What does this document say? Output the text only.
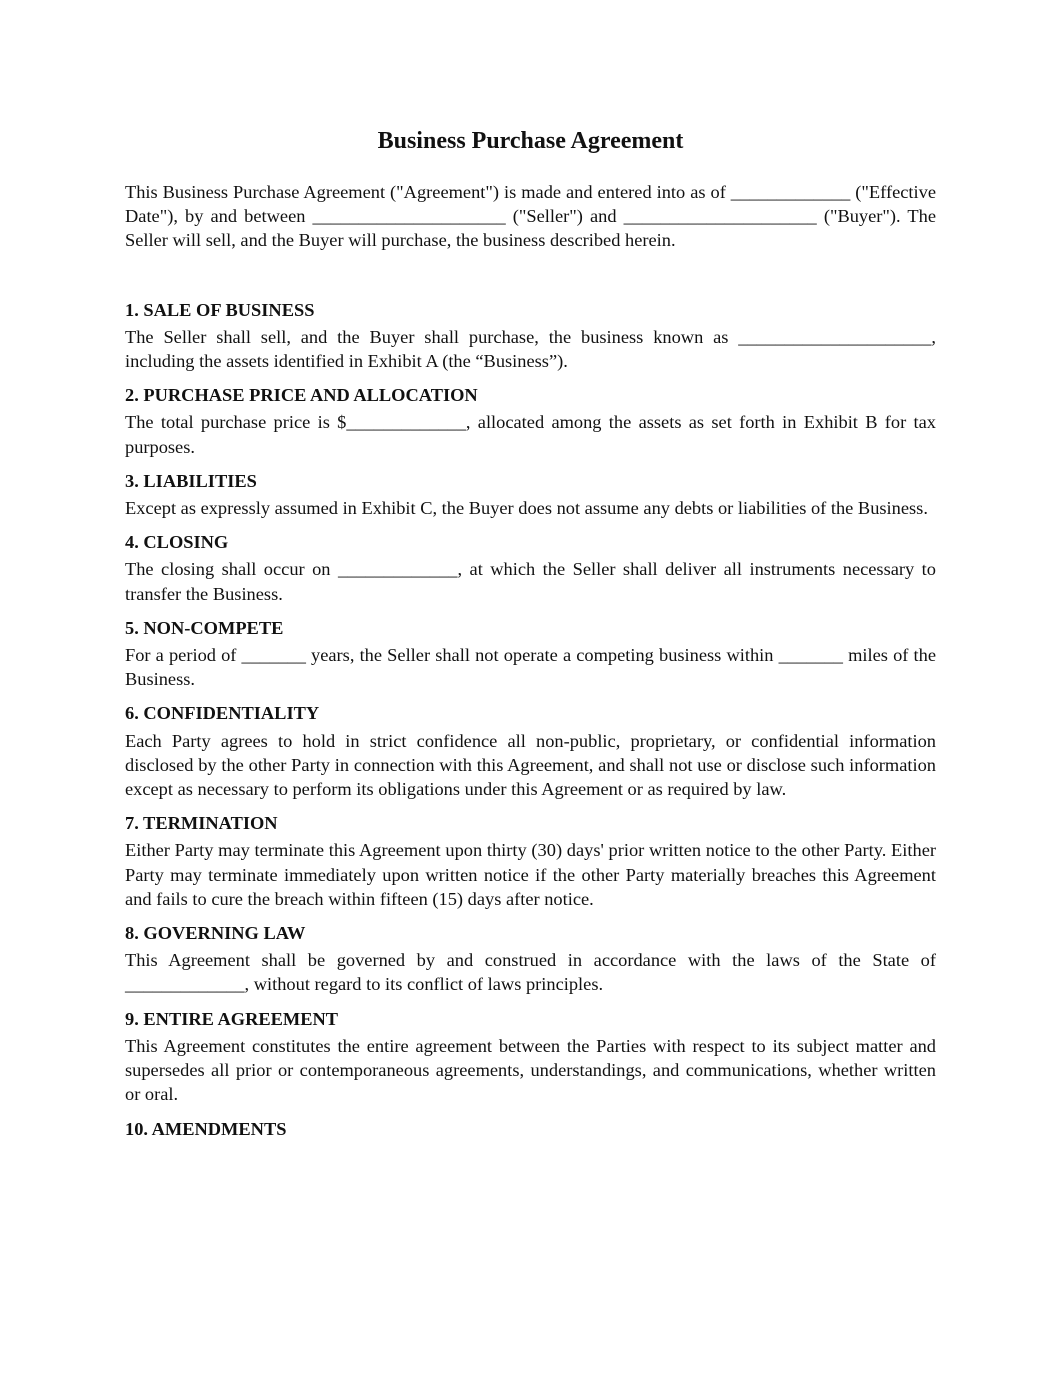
Business Purchase Agreement

This Business Purchase Agreement ("Agreement") is made and entered into as of _____________ ("Effective Date"), by and between _____________________ ("Seller") and _____________________ ("Buyer"). The Seller will sell, and the Buyer will purchase, the business described herein.

1. SALE OF BUSINESS

The Seller shall sell, and the Buyer shall purchase, the business known as _____________________, including the assets identified in Exhibit A (the “Business”).

2. PURCHASE PRICE AND ALLOCATION

The total purchase price is $_____________, allocated among the assets as set forth in Exhibit B for tax purposes.

3. LIABILITIES

Except as expressly assumed in Exhibit C, the Buyer does not assume any debts or liabilities of the Business.

4. CLOSING

The closing shall occur on _____________, at which the Seller shall deliver all instruments necessary to transfer the Business.

5. NON-COMPETE

For a period of _______ years, the Seller shall not operate a competing business within _______ miles of the Business.

6. CONFIDENTIALITY

Each Party agrees to hold in strict confidence all non-public, proprietary, or confidential information disclosed by the other Party in connection with this Agreement, and shall not use or disclose such information except as necessary to perform its obligations under this Agreement or as required by law.

7. TERMINATION

Either Party may terminate this Agreement upon thirty (30) days' prior written notice to the other Party. Either Party may terminate immediately upon written notice if the other Party materially breaches this Agreement and fails to cure the breach within fifteen (15) days after notice.

8. GOVERNING LAW

This Agreement shall be governed by and construed in accordance with the laws of the State of _____________, without regard to its conflict of laws principles.

9. ENTIRE AGREEMENT

This Agreement constitutes the entire agreement between the Parties with respect to its subject matter and supersedes all prior or contemporaneous agreements, understandings, and communications, whether written or oral.

10. AMENDMENTS
